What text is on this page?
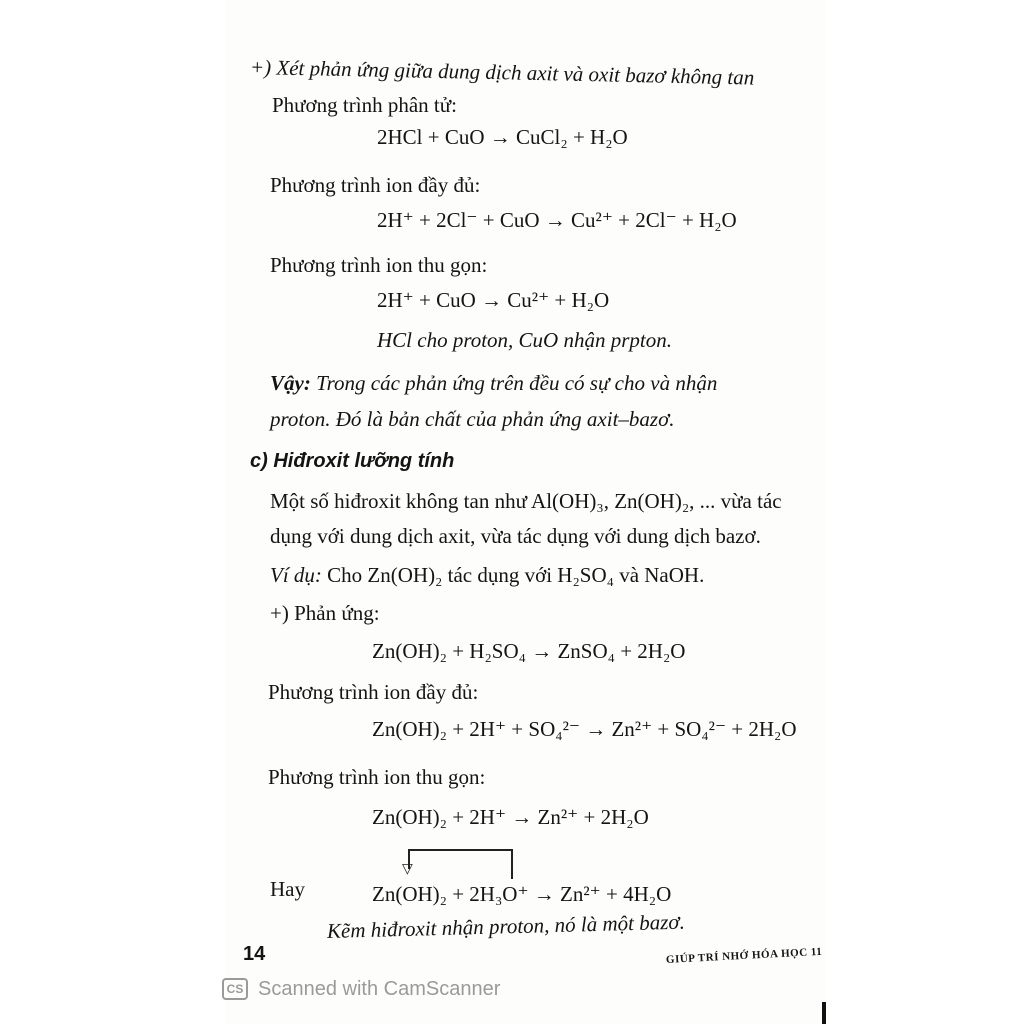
+) Xét phản ứng giữa dung dịch axit và oxit bazơ không tan
Phương trình phân tử:
2HCl + CuO → CuCl₂ + H₂O
Phương trình ion đầy đủ:
2H⁺ + 2Cl⁻ + CuO → Cu²⁺ + 2Cl⁻ + H₂O
Phương trình ion thu gọn:
2H⁺ + CuO → Cu²⁺ + H₂O
HCl cho proton, CuO nhận prpton.
Vậy: Trong các phản ứng trên đều có sự cho và nhận
proton. Đó là bản chất của phản ứng axit–bazơ.
c) Hiđroxit lưỡng tính
Một số hiđroxit không tan như Al(OH)₃, Zn(OH)₂, ... vừa tác
dụng với dung dịch axit, vừa tác dụng với dung dịch bazơ.
Ví dụ: Cho Zn(OH)₂ tác dụng với H₂SO₄ và NaOH.
+) Phản ứng:
Zn(OH)₂ + H₂SO₄ → ZnSO₄ + 2H₂O
Phương trình ion đầy đủ:
Zn(OH)₂ + 2H⁺ + SO₄²⁻ → Zn²⁺ + SO₄²⁻ + 2H₂O
Phương trình ion thu gọn:
Zn(OH)₂ + 2H⁺ → Zn²⁺ + 2H₂O
▽
Hay	Zn(OH)₂ + 2H₃O⁺ → Zn²⁺ + 4H₂O
Kẽm hiđroxit nhận proton, nó là một bazơ.
14	GIÚP TRÍ NHỚ HÓA HỌC 11
CS Scanned with CamScanner
